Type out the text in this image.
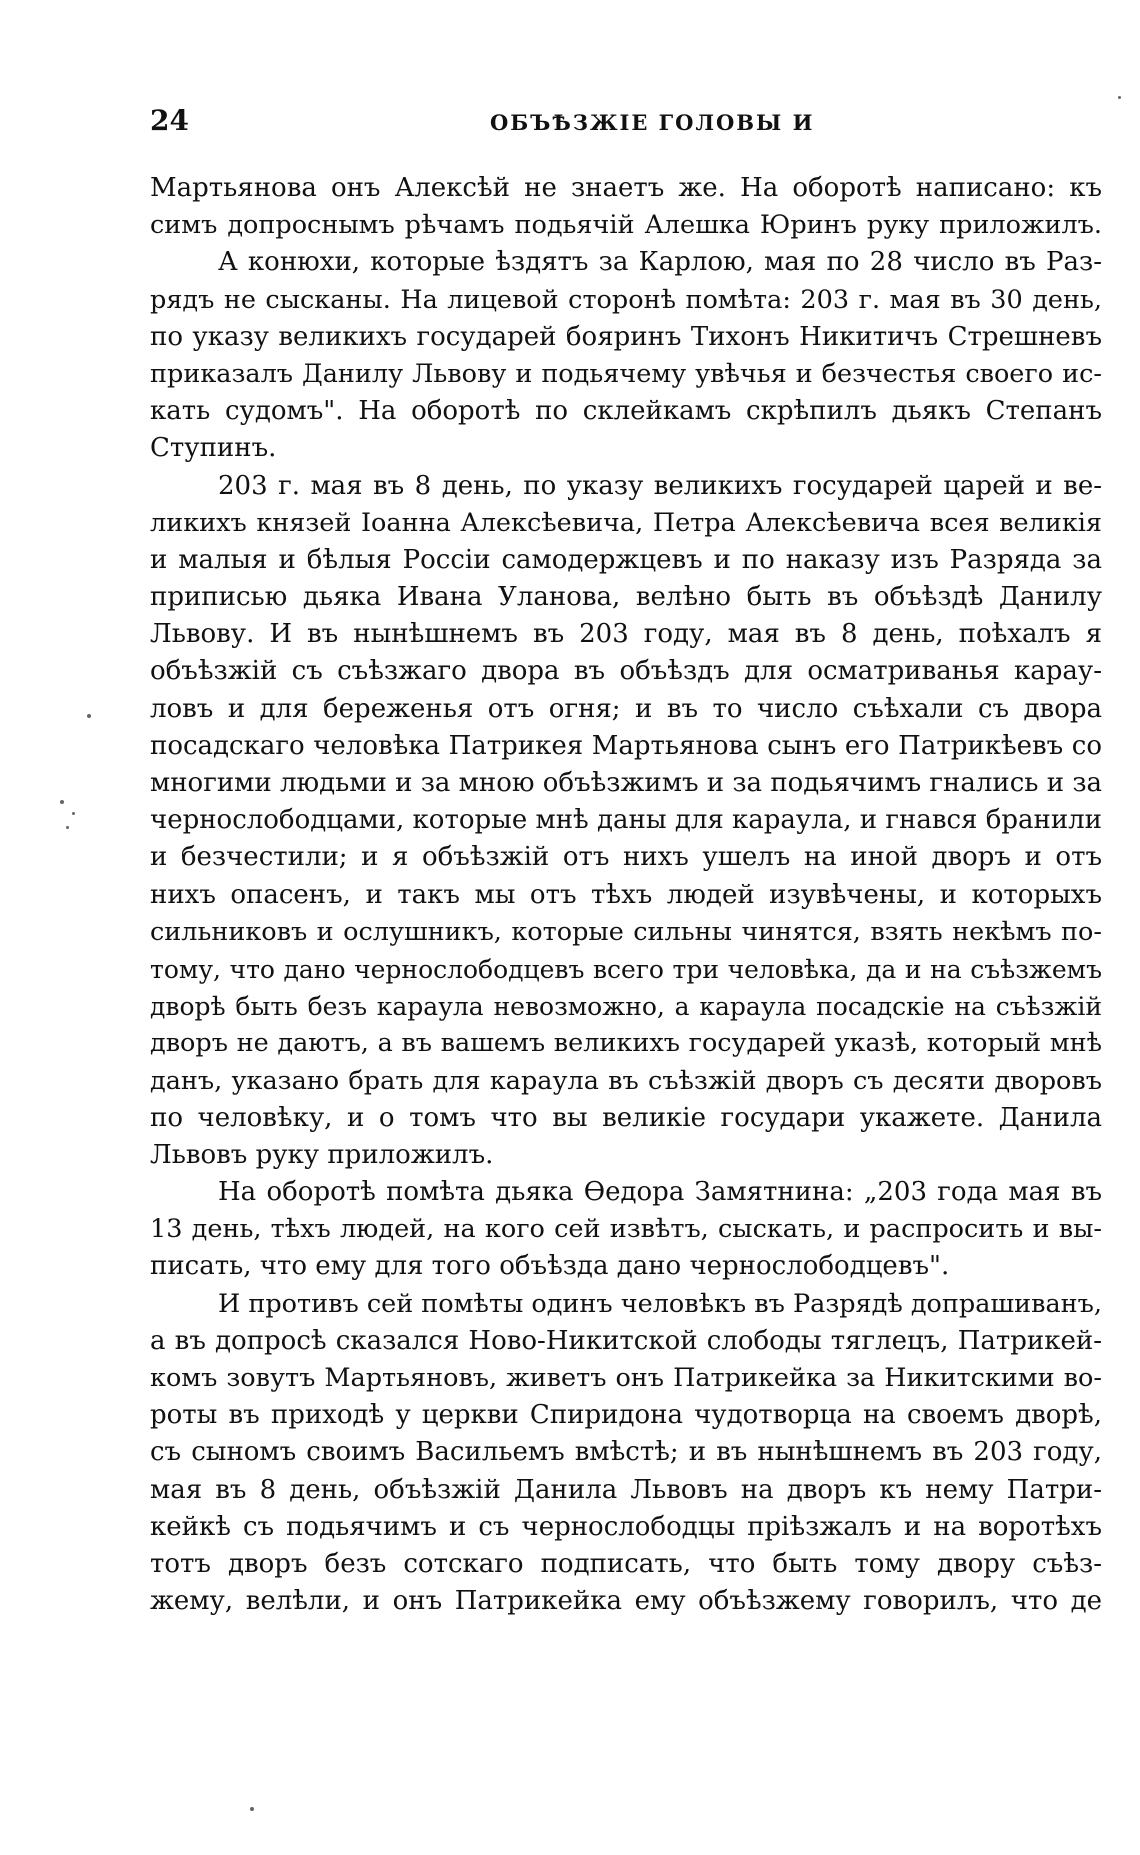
24	ОБЪѢЗЖІЕ ГОЛОВЫ И
Мартьянова онъ Алексѣй не знаетъ же. На оборотѣ написано: къ
симъ допроснымъ рѣчамъ подьячій Алешка Юринъ руку приложилъ.
А конюхи, которые ѣздятъ за Карлою, мая по 28 число въ Раз-
рядъ не сысканы. На лицевой сторонѣ помѣта: 203 г. мая въ 30 день,
по указу великихъ государей бояринъ Тихонъ Никитичъ Стрешневъ
приказалъ Данилу Львову и подьячему увѣчья и безчестья своего ис-
кать судомъ". На оборотѣ по склейкамъ скрѣпилъ дьякъ Степанъ
Ступинъ.
203 г. мая въ 8 день, по указу великихъ государей царей и ве-
ликихъ князей Іоанна Алексѣевича, Петра Алексѣевича всея великія
и малыя и бѣлыя Россіи самодержцевъ и по наказу изъ Разряда за
приписью дьяка Ивана Уланова, велѣно быть въ объѣздѣ Данилу
Львову. И въ нынѣшнемъ въ 203 году, мая въ 8 день, поѣхалъ я
объѣзжій съ съѣзжаго двора въ объѣздъ для осматриванья карау-
ловъ и для береженья отъ огня; и въ то число съѣхали съ двора
посадскаго человѣка Патрикея Мартьянова сынъ его Патрикѣевъ со
многими людьми и за мною объѣзжимъ и за подьячимъ гнались и за
чернослободцами, которые мнѣ даны для караула, и гнався бранили
и безчестили; и я объѣзжій отъ нихъ ушелъ на иной дворъ и отъ
нихъ опасенъ, и такъ мы отъ тѣхъ людей изувѣчены, и которыхъ
сильниковъ и ослушникъ, которые сильны чинятся, взять некѣмъ по-
тому, что дано чернослободцевъ всего три человѣка, да и на съѣзжемъ
дворѣ быть безъ караула невозможно, а караула посадскіе на съѣзжій
дворъ не даютъ, а въ вашемъ великихъ государей указѣ, который мнѣ
данъ, указано брать для караула въ съѣзжій дворъ съ десяти дворовъ
по человѣку, и о томъ что вы великіе государи укажете. Данила
Львовъ руку приложилъ.
На оборотѣ помѣта дьяка Ѳедора Замятнина: „203 года мая въ
13 день, тѣхъ людей, на кого сей извѣтъ, сыскать, и распросить и вы-
писать, что ему для того объѣзда дано чернослободцевъ".
И противъ сей помѣты одинъ человѣкъ въ Разрядѣ допрашиванъ,
а въ допросѣ сказался Ново-Никитской слободы тяглецъ, Патрикей-
комъ зовутъ Мартьяновъ, живетъ онъ Патрикейка за Никитскими во-
роты въ приходѣ у церкви Спиридона чудотворца на своемъ дворѣ,
съ сыномъ своимъ Васильемъ вмѣстѣ; и въ нынѣшнемъ въ 203 году,
мая въ 8 день, объѣзжій Данила Львовъ на дворъ къ нему Патри-
кейкѣ съ подьячимъ и съ чернослободцы пріѣзжалъ и на воротѣхъ
тотъ дворъ безъ сотскаго подписать, что быть тому двору съѣз-
жему, велѣли, и онъ Патрикейка ему объѣзжему говорилъ, что де
